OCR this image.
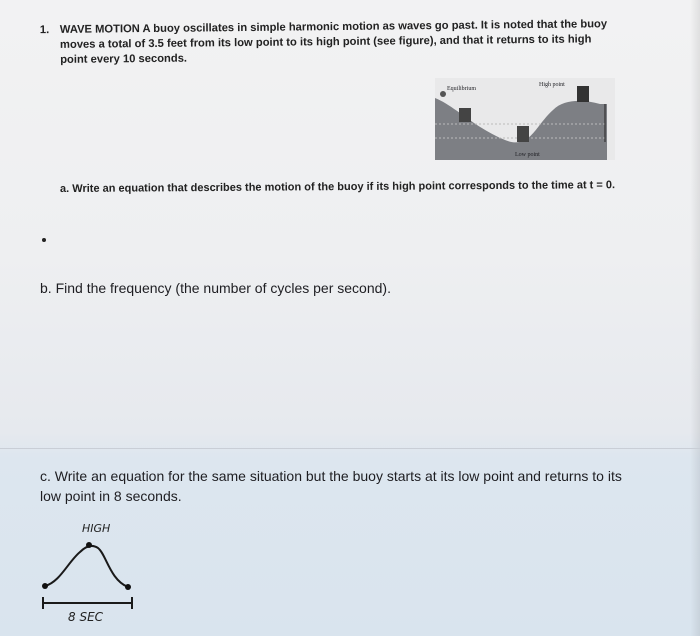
1. WAVE MOTION A buoy oscillates in simple harmonic motion as waves go past. It is noted that the buoy moves a total of 3.5 feet from its low point to its high point (see figure), and that it returns to its high point every 10 seconds.
Equilibrium
High point
Low point
a. Write an equation that describes the motion of the buoy if its high point corresponds to the time at t = 0.
b. Find the frequency (the number of cycles per second).
c. Write an equation for the same situation but the buoy starts at its low point and returns to its low point in 8 seconds.
HIGH
8 SEC
